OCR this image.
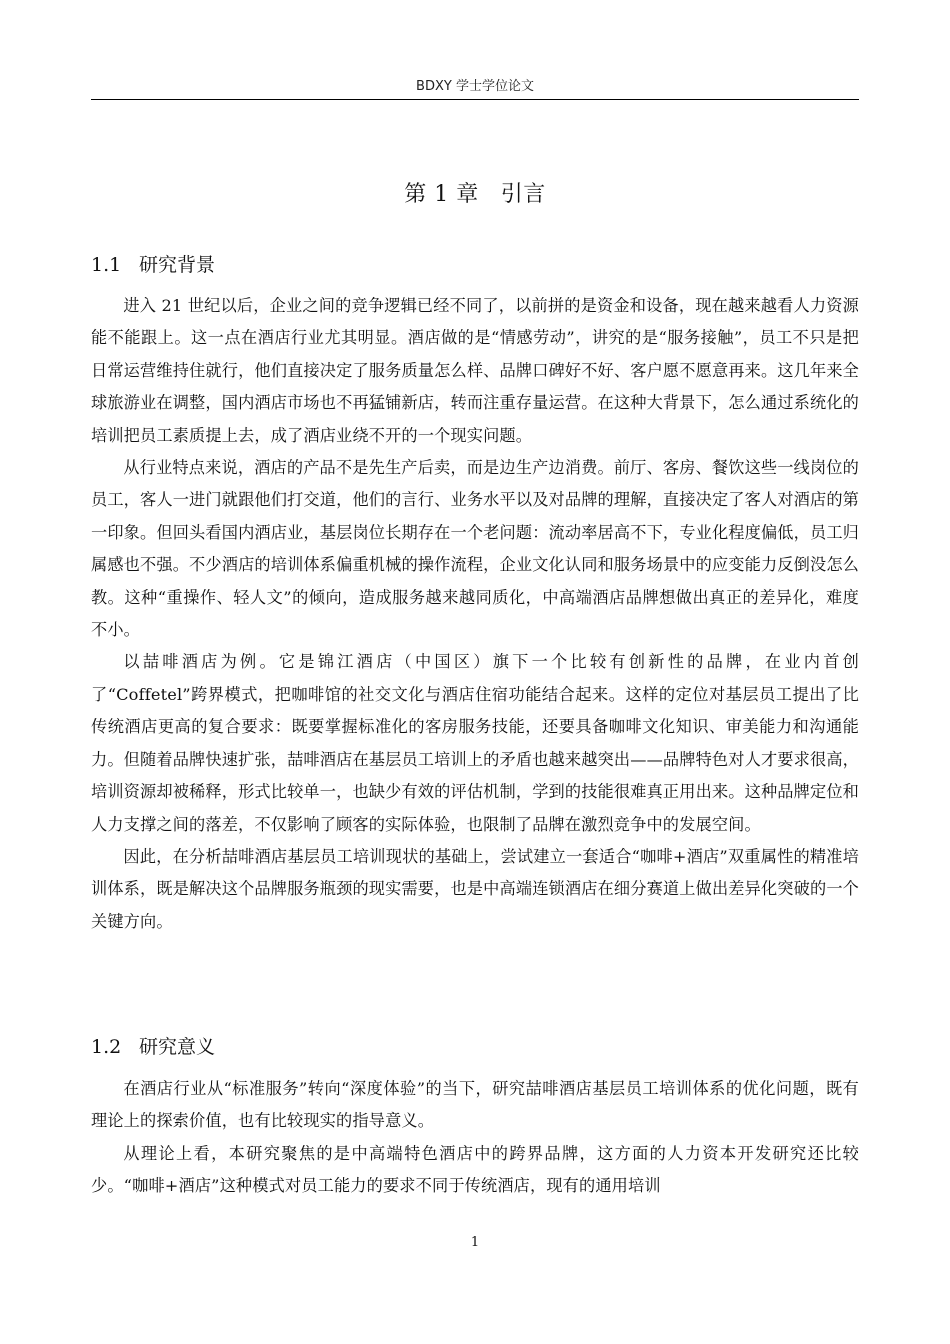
BDXY 学士学位论文
第 1 章 引言
1.1 研究背景

进入 21 世纪以后，企业之间的竞争逻辑已经不同了，以前拼的是资金和设备，现在越来越看人力资源能不能跟上。这一点在酒店行业尤其明显。酒店做的是“情感劳动”，讲究的是“服务接触”，员工不只是把日常运营维持住就行，他们直接决定了服务质量怎么样、品牌口碑好不好、客户愿不愿意再来。这几年来全球旅游业在调整，国内酒店市场也不再猛铺新店，转而注重存量运营。在这种大背景下，怎么通过系统化的培训把员工素质提上去，成了酒店业绕不开的一个现实问题。

从行业特点来说，酒店的产品不是先生产后卖，而是边生产边消费。前厅、客房、餐饮这些一线岗位的员工，客人一进门就跟他们打交道，他们的言行、业务水平以及对品牌的理解，直接决定了客人对酒店的第一印象。但回头看国内酒店业，基层岗位长期存在一个老问题：流动率居高不下，专业化程度偏低，员工归属感也不强。不少酒店的培训体系偏重机械的操作流程，企业文化认同和服务场景中的应变能力反倒没怎么教。这种“重操作、轻人文”的倾向，造成服务越来越同质化，中高端酒店品牌想做出真正的差异化，难度不小。

以喆啡酒店为例。它是锦江酒店（中国区）旗下一个比较有创新性的品牌，在业内首创了“Coffetel”跨界模式，把咖啡馆的社交文化与酒店住宿功能结合起来。这样的定位对基层员工提出了比传统酒店更高的复合要求：既要掌握标准化的客房服务技能，还要具备咖啡文化知识、审美能力和沟通能力。但随着品牌快速扩张，喆啡酒店在基层员工培训上的矛盾也越来越突出——品牌特色对人才要求很高，培训资源却被稀释，形式比较单一，也缺少有效的评估机制，学到的技能很难真正用出来。这种品牌定位和人力支撑之间的落差，不仅影响了顾客的实际体验，也限制了品牌在激烈竞争中的发展空间。

因此，在分析喆啡酒店基层员工培训现状的基础上，尝试建立一套适合“咖啡+酒店”双重属性的精准培训体系，既是解决这个品牌服务瓶颈的现实需要，也是中高端连锁酒店在细分赛道上做出差异化突破的一个关键方向。

1.2 研究意义

在酒店行业从“标准服务”转向“深度体验”的当下，研究喆啡酒店基层员工培训体系的优化问题，既有理论上的探索价值，也有比较现实的指导意义。

从理论上看，本研究聚焦的是中高端特色酒店中的跨界品牌，这方面的人力资本开发研究还比较少。“咖啡+酒店”这种模式对员工能力的要求不同于传统酒店，现有的通用培训

1
